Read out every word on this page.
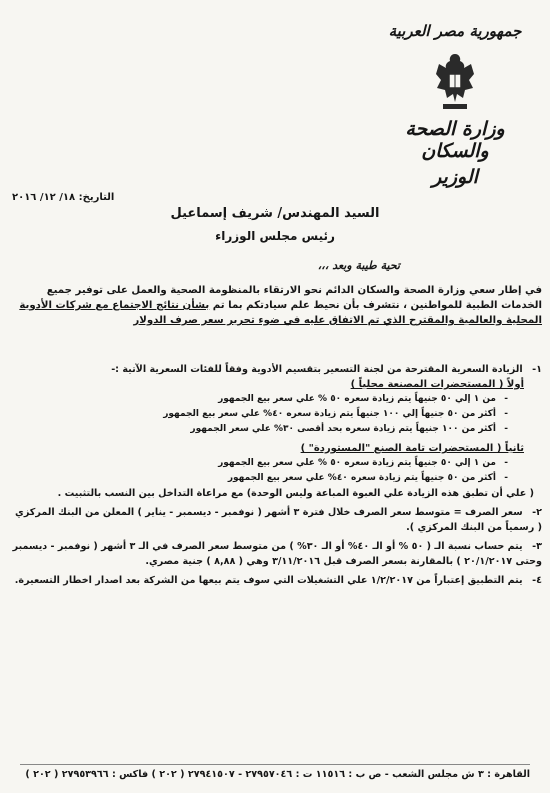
جمهورية مصر العربية
وزارة الصحة والسكان
الوزير
التاريخ: ١٨/ ١٢/ ٢٠١٦
السيد المهندس/ شريف إسماعيل
رئيس مجلس الوزراء
تحية طيبة وبعد ،،،
في إطار سعي وزارة الصحة والسكان الدائم نحو الارتقاء بالمنظومة الصحية والعمل على توفير جميع الخدمات الطبية للمواطنين ، نتشرف بأن نحيط علم سيادتكم بما تم بشأن نتائج الاجتماع مع شركات الأدوية المحلية والعالمية والمقترح الذي تم الاتفاق عليه في ضوء تحرير سعر صرف الدولار
١- الزيادة السعرية المقترحة من لجنة التسعير بتقسيم الأدوية وفقاً للفئات السعرية الآتية :-
أولاً ( المستحضرات المصنعة محلياً )
- من ١ إلي ٥٠ جنيهاً يتم زيادة سعره ٥٠ % علي سعر بيع الجمهور
- أكثر من ٥٠ جنيهاً إلي ١٠٠ جنيهاً يتم زيادة سعره ٤٠% علي سعر بيع الجمهور
- أكثر من ١٠٠ جنيهاً يتم زيادة سعره بحد أقصى ٣٠% علي سعر الجمهور
ثانياً ( المستحضرات تامة الصنع "المستوردة" )
- من ١ إلي ٥٠ جنيهاً يتم زيادة سعره ٥٠ % علي سعر بيع الجمهور
- أكثر من ٥٠ جنيهاً يتم زيادة سعره ٤٠% علي سعر بيع الجمهور
( علي أن تطبق هذه الزيادة علي العبوة المباعة وليس الوحدة) مع مراعاة التداخل بين النسب بالتثبيت .
٢- سعر الصرف = متوسط سعر الصرف خلال فترة ٣ أشهر ( نوفمبر - ديسمبر - يناير ) المعلن من البنك المركزي ( رسمياً من البنك المركزي ).
٣- يتم حساب نسبة الـ ( ٥٠ % أو الـ ٤٠% أو الـ ٣٠% ) من متوسط سعر الصرف في الـ ٣ أشهر ( نوفمبر - ديسمبر وحتى ٢٠/١/٢٠١٧ ) بالمقارنة بسعر الصرف قبل ٣/١١/٢٠١٦ وهي ( ٨,٨٨ ) جنية مصري.
٤- يتم التطبيق إعتباراً من ١/٢/٢٠١٧ علي التشغيلات التي سوف يتم بيعها من الشركة بعد اصدار اخطار التسعيرة.
القاهرة : ٣ ش مجلس الشعب - ص ب : ١١٥١٦ ت : ٢٧٩٥٧٠٤٦ - ٢٧٩٤١٥٠٧ ( ٢٠٢ ) فاكس : ٢٧٩٥٣٩٦٦ ( ٢٠٢ )
